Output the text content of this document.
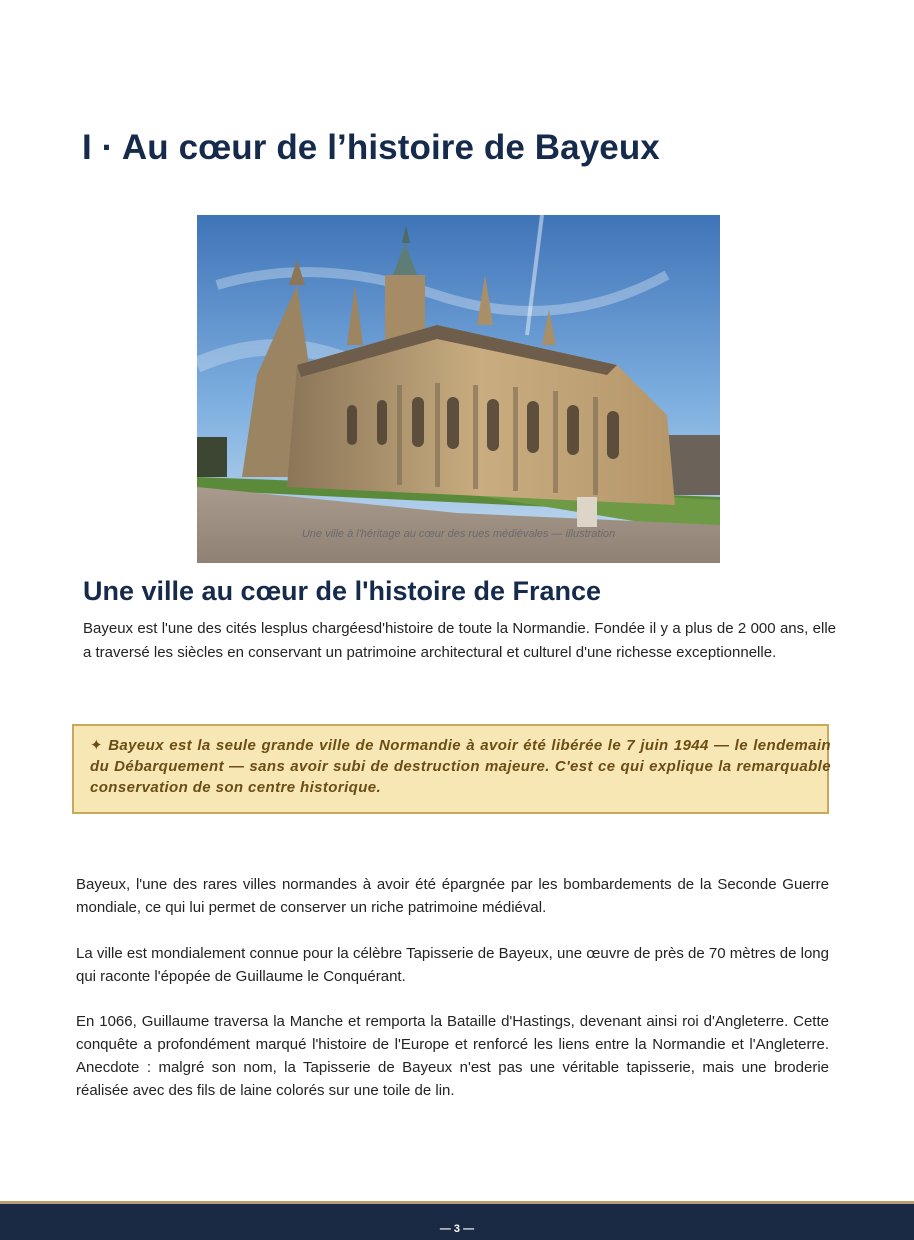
I · Au cœur de l’histoire de Bayeux
Une ville à l'héritage au cœur des rues médiévales — illustration
Une ville au cœur de l'histoire de France

Bayeux est l'une des cités lesplus chargéesd'histoire de toute la Normandie. Fondée il y a plus de 2 000 ans, elle a traversé les siècles en conservant un patrimoine architectural et culturel d'une richesse exceptionnelle.

✦ Bayeux est la seule grande ville de Normandie à avoir été libérée le 7 juin 1944 — le lendemain du Débarquement — sans avoir subi de destruction majeure. C'est ce qui explique la remarquable conservation de son centre historique.

Bayeux, l'une des rares villes normandes à avoir été épargnée par les bombardements de la Seconde Guerre mondiale, ce qui lui permet de conserver un riche patrimoine médiéval.

La ville est mondialement connue pour la célèbre Tapisserie de Bayeux, une œuvre de près de 70 mètres de long qui raconte l'épopée de Guillaume le Conquérant.

En 1066, Guillaume traversa la Manche et remporta la Bataille d'Hastings, devenant ainsi roi d'Angleterre. Cette conquête a profondément marqué l'histoire de l'Europe et renforcé les liens entre la Normandie et l'Angleterre. Anecdote : malgré son nom, la Tapisserie de Bayeux n'est pas une véritable tapisserie, mais une broderie réalisée avec des fils de laine colorés sur une toile de lin.

— 3 —
